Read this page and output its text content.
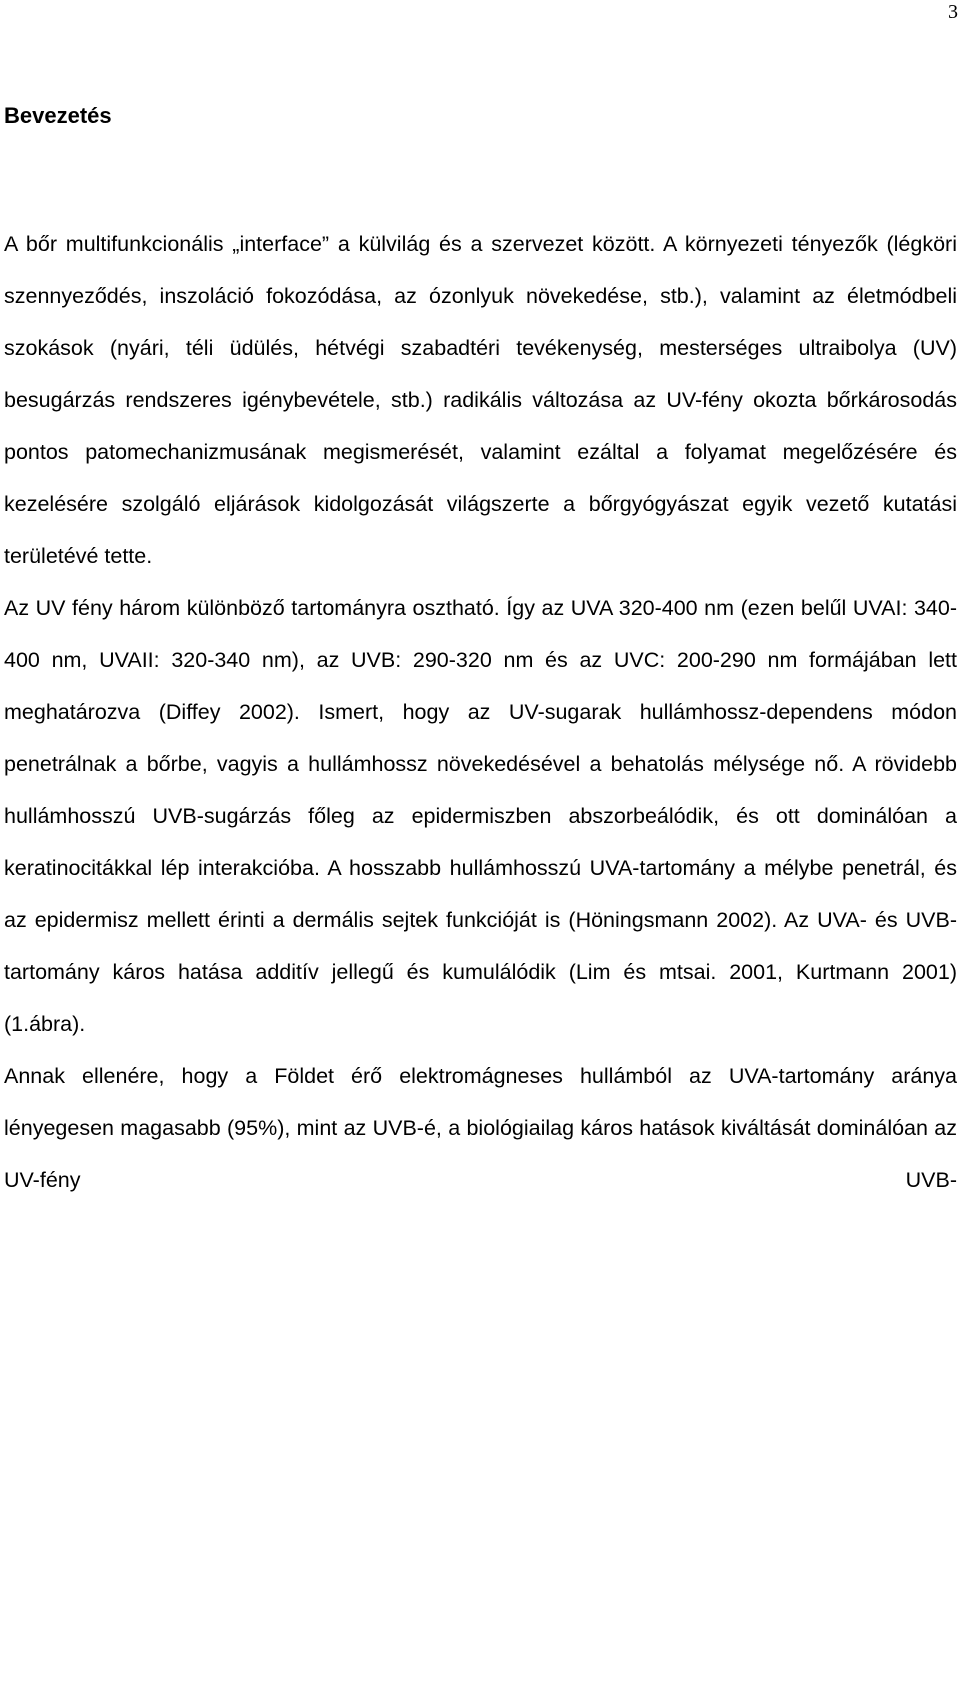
3

Bevezetés

A bőr multifunkcionális „interface” a külvilág és a szervezet között. A környezeti tényezők (légköri szennyeződés, inszoláció fokozódása, az ózonlyuk növekedése, stb.), valamint az életmódbeli szokások (nyári, téli üdülés, hétvégi szabadtéri tevékenység, mesterséges ultraibolya (UV) besugárzás rendszeres igénybevétele, stb.) radikális változása az UV-fény okozta bőrkárosodás pontos patomechanizmusának megismerését, valamint ezáltal a folyamat megelőzésére és kezelésére szolgáló eljárások kidolgozását világszerte a bőrgyógyászat egyik vezető kutatási területévé tette.

Az UV fény három különböző tartományra osztható. Így az UVA 320-400 nm (ezen belűl UVAI: 340-400 nm, UVAII: 320-340 nm), az UVB: 290-320 nm és az UVC: 200-290 nm formájában lett meghatározva (Diffey 2002). Ismert, hogy az UV-sugarak hullámhossz-dependens módon penetrálnak a bőrbe, vagyis a hullámhossz növekedésével a behatolás mélysége nő. A rövidebb hullámhosszú UVB-sugárzás főleg az epidermiszben abszorbeálódik, és ott dominálóan a keratinocitákkal lép interakcióba. A hosszabb hullámhosszú UVA-tartomány a mélybe penetrál, és az epidermisz mellett érinti a dermális sejtek funkcióját is (Höningsmann 2002). Az UVA- és UVB-tartomány káros hatása additív jellegű és kumulálódik (Lim és mtsai. 2001, Kurtmann 2001) (1.ábra).

Annak ellenére, hogy a Földet érő elektromágneses hullámból az UVA-tartomány aránya lényegesen magasabb (95%), mint az UVB-é, a biológiailag káros hatások kiváltását dominálóan az UV-fény UVB-
